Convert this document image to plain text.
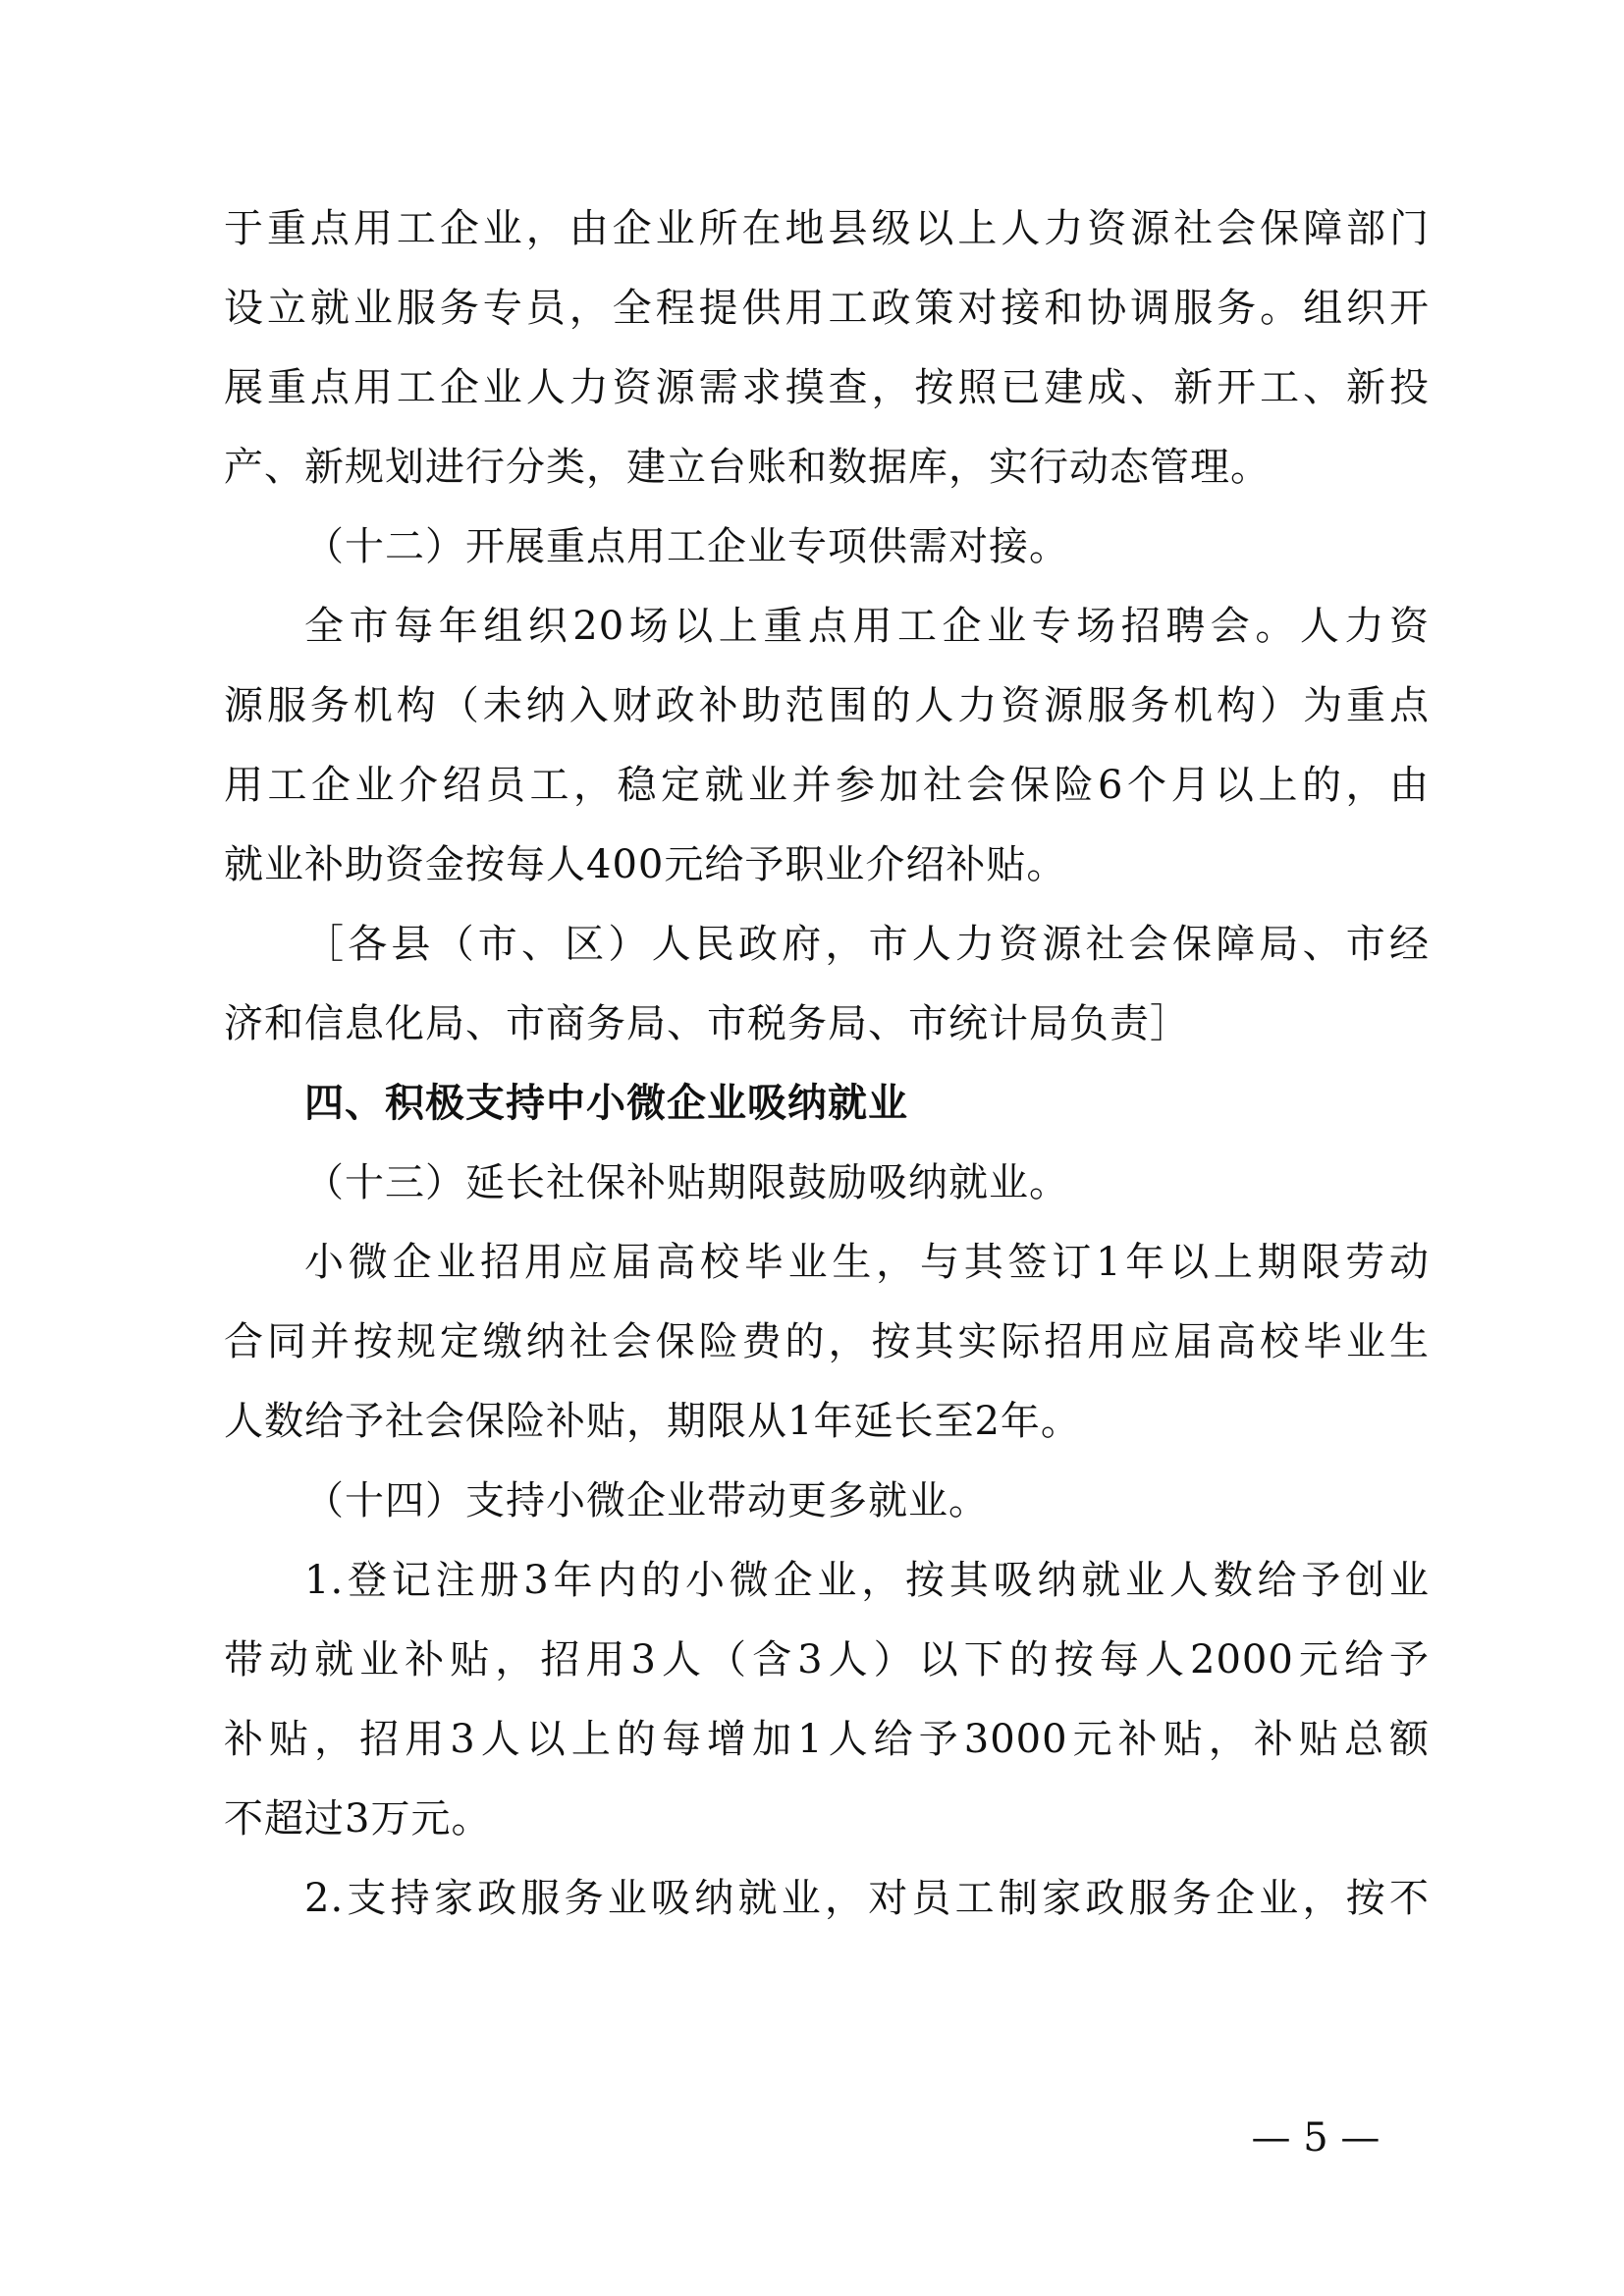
于重点用工企业，由企业所在地县级以上人力资源社会保障部门
设立就业服务专员，全程提供用工政策对接和协调服务。组织开
展重点用工企业人力资源需求摸查，按照已建成、新开工、新投
产、新规划进行分类，建立台账和数据库，实行动态管理。
（十二）开展重点用工企业专项供需对接。
全市每年组织20场以上重点用工企业专场招聘会。人力资
源服务机构（未纳入财政补助范围的人力资源服务机构）为重点
用工企业介绍员工，稳定就业并参加社会保险6个月以上的，由
就业补助资金按每人400元给予职业介绍补贴。
［各县（市、区）人民政府，市人力资源社会保障局、市经
济和信息化局、市商务局、市税务局、市统计局负责］
四、积极支持中小微企业吸纳就业
（十三）延长社保补贴期限鼓励吸纳就业。
小微企业招用应届高校毕业生，与其签订1年以上期限劳动
合同并按规定缴纳社会保险费的，按其实际招用应届高校毕业生
人数给予社会保险补贴，期限从1年延长至2年。
（十四）支持小微企业带动更多就业。
1.登记注册3年内的小微企业，按其吸纳就业人数给予创业
带动就业补贴，招用3人（含3人）以下的按每人2000元给予
补贴，招用3人以上的每增加1人给予3000元补贴，补贴总额
不超过3万元。
2.支持家政服务业吸纳就业，对员工制家政服务企业，按不
— 5 —
